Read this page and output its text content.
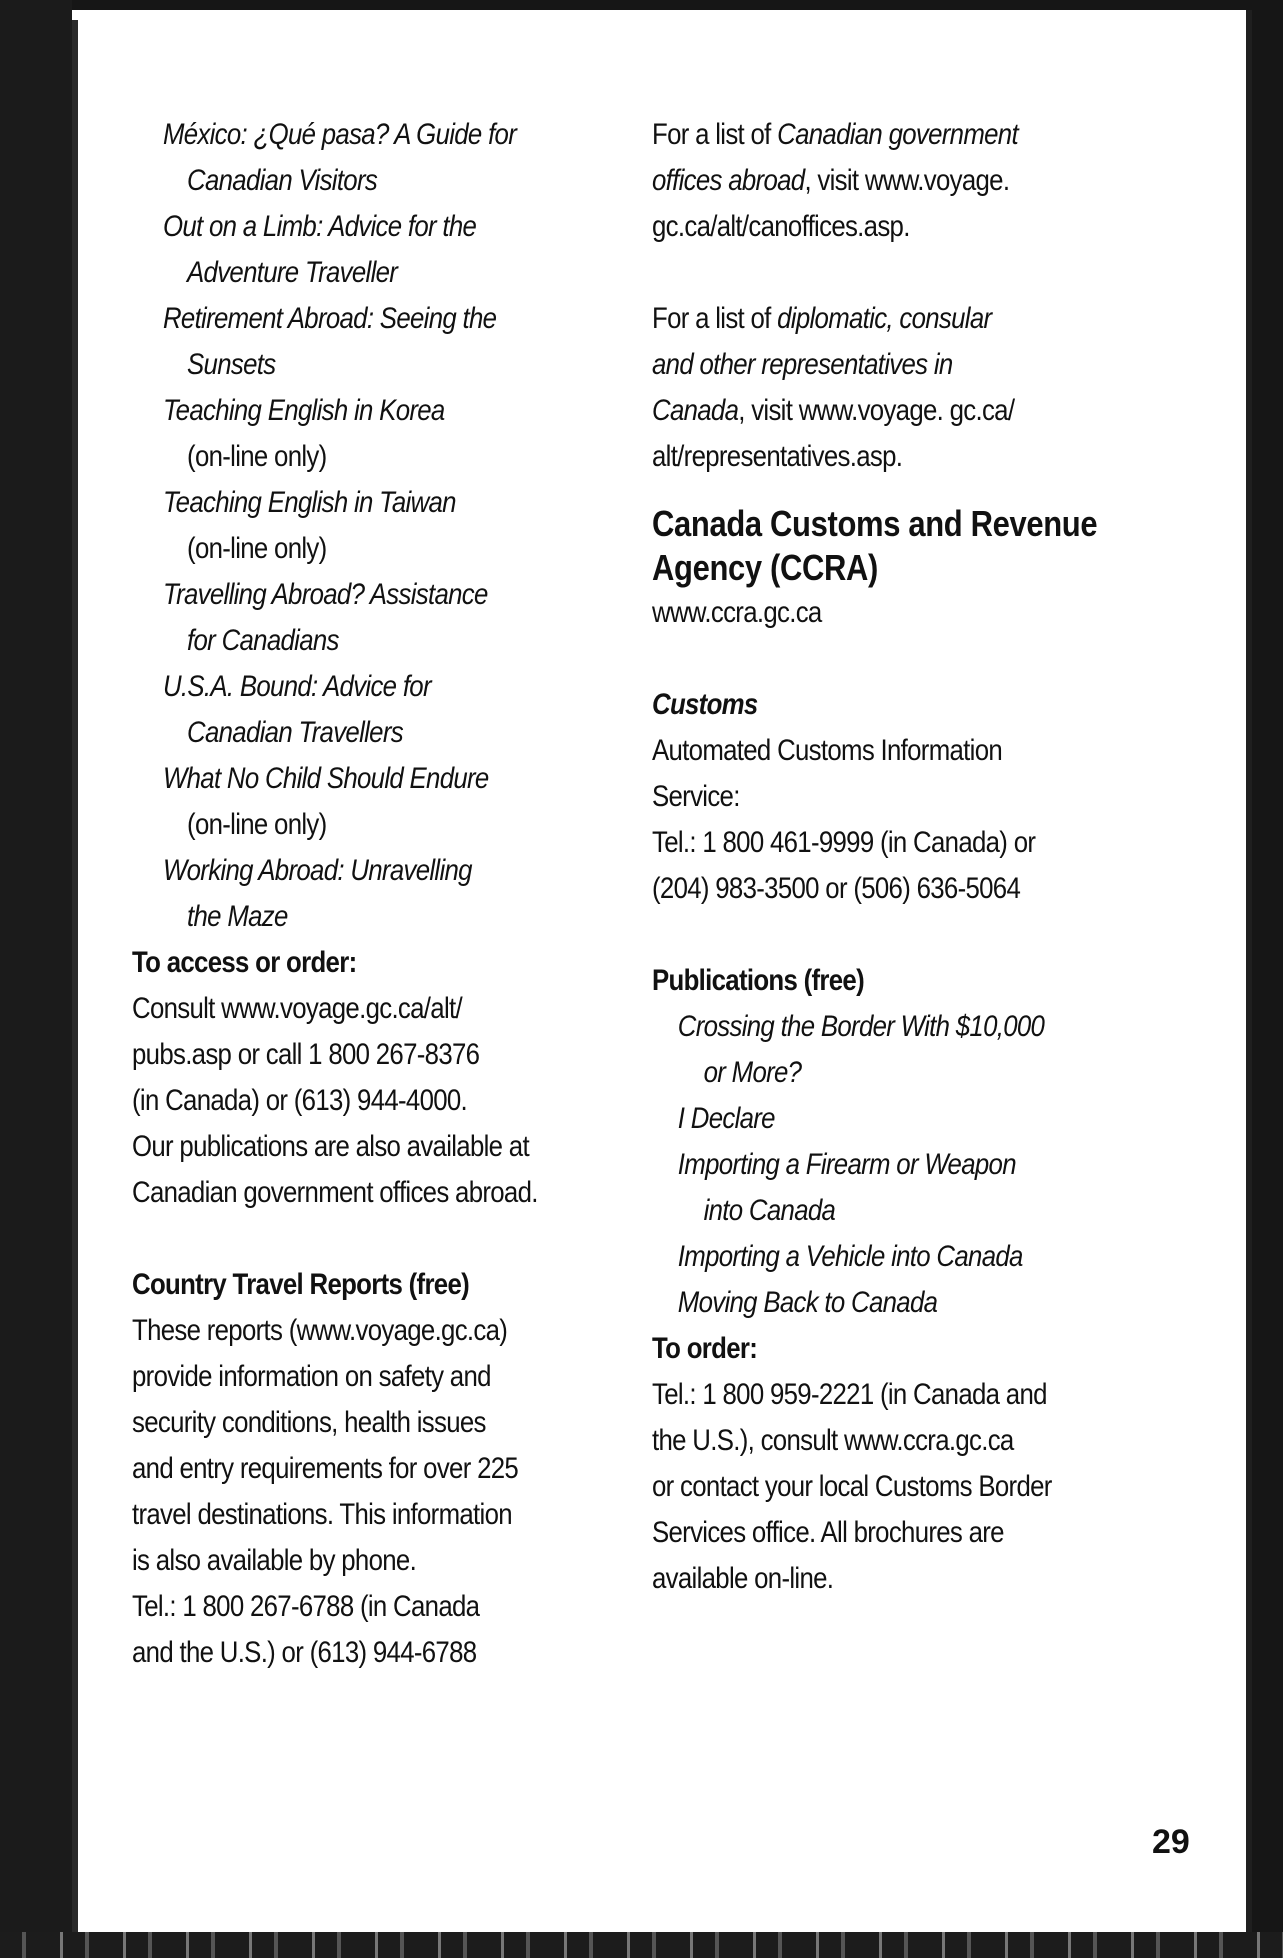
México: ¿Qué pasa? A Guide for
Canadian Visitors
Out on a Limb: Advice for the
Adventure Traveller
Retirement Abroad: Seeing the
Sunsets
Teaching English in Korea
(on-line only)
Teaching English in Taiwan
(on-line only)
Travelling Abroad? Assistance
for Canadians
U.S.A. Bound: Advice for
Canadian Travellers
What No Child Should Endure
(on-line only)
Working Abroad: Unravelling
the Maze
To access or order:
Consult www.voyage.gc.ca/alt/
pubs.asp or call 1 800 267-8376
(in Canada) or (613) 944-4000.
Our publications are also available at
Canadian government offices abroad.
Country Travel Reports (free)
These reports (www.voyage.gc.ca)
provide information on safety and
security conditions, health issues
and entry requirements for over 225
travel destinations. This information
is also available by phone.
Tel.: 1 800 267-6788 (in Canada
and the U.S.) or (613) 944-6788
For a list of Canadian government
offices abroad, visit www.voyage.
gc.ca/alt/canoffices.asp.
For a list of diplomatic, consular
and other representatives in
Canada, visit www.voyage. gc.ca/
alt/representatives.asp.
Canada Customs and Revenue
Agency (CCRA)
www.ccra.gc.ca
Customs
Automated Customs Information
Service:
Tel.: 1 800 461-9999 (in Canada) or
(204) 983-3500 or (506) 636-5064
Publications (free)
Crossing the Border With $10,000
or More?
I Declare
Importing a Firearm or Weapon
into Canada
Importing a Vehicle into Canada
Moving Back to Canada
To order:
Tel.: 1 800 959-2221 (in Canada and
the U.S.), consult www.ccra.gc.ca
or contact your local Customs Border
Services office. All brochures are
available on-line.
29
